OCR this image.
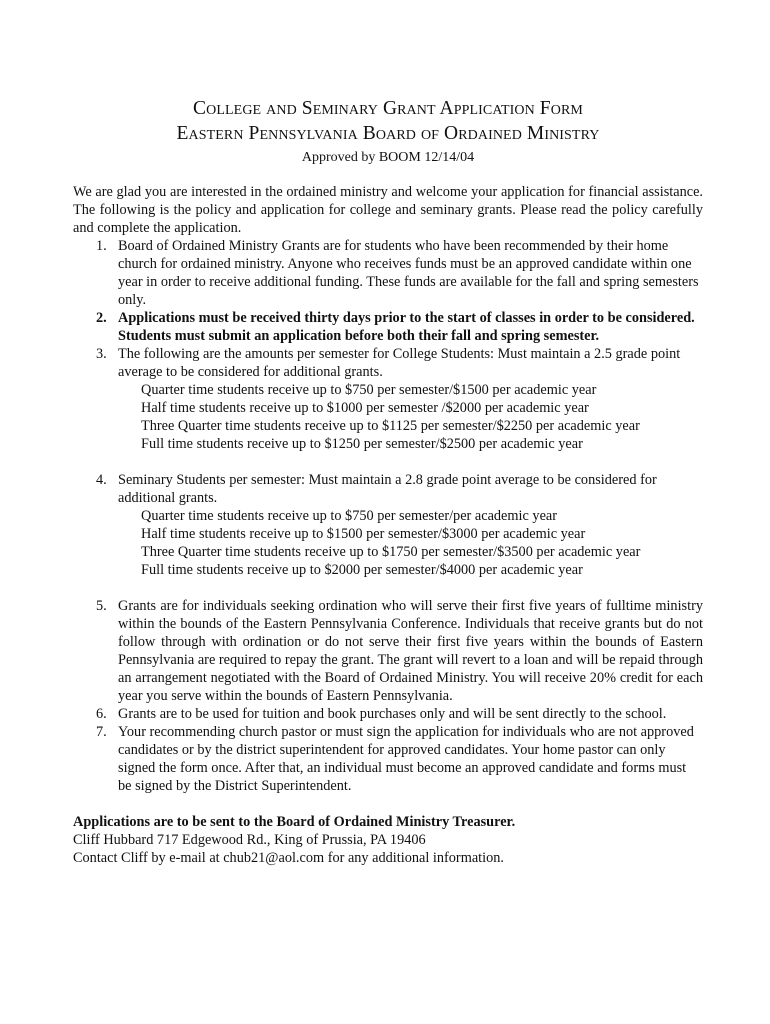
College and Seminary Grant Application Form
Eastern Pennsylvania Board of Ordained Ministry
Approved by BOOM 12/14/04
We are glad you are interested in the ordained ministry and welcome your application for financial assistance. The following is the policy and application for college and seminary grants. Please read the policy carefully and complete the application.
1. Board of Ordained Ministry Grants are for students who have been recommended by their home church for ordained ministry. Anyone who receives funds must be an approved candidate within one year in order to receive additional funding. These funds are available for the fall and spring semesters only.
2. Applications must be received thirty days prior to the start of classes in order to be considered. Students must submit an application before both their fall and spring semester.
3. The following are the amounts per semester for College Students: Must maintain a 2.5 grade point average to be considered for additional grants.
Quarter time students receive up to $750 per semester/$1500 per academic year
Half time students receive up to $1000 per semester /$2000 per academic year
Three Quarter time students receive up to $1125 per semester/$2250 per academic year
Full time students receive up to $1250 per semester/$2500 per academic year
4. Seminary Students per semester: Must maintain a 2.8 grade point average to be considered for additional grants.
Quarter time students receive up to $750 per semester/per academic year
Half time students receive up to $1500 per semester/$3000 per academic year
Three Quarter time students receive up to $1750 per semester/$3500 per academic year
Full time students receive up to $2000 per semester/$4000 per academic year
5. Grants are for individuals seeking ordination who will serve their first five years of fulltime ministry within the bounds of the Eastern Pennsylvania Conference. Individuals that receive grants but do not follow through with ordination or do not serve their first five years within the bounds of Eastern Pennsylvania are required to repay the grant. The grant will revert to a loan and will be repaid through an arrangement negotiated with the Board of Ordained Ministry. You will receive 20% credit for each year you serve within the bounds of Eastern Pennsylvania.
6. Grants are to be used for tuition and book purchases only and will be sent directly to the school.
7. Your recommending church pastor or must sign the application for individuals who are not approved candidates or by the district superintendent for approved candidates. Your home pastor can only signed the form once. After that, an individual must become an approved candidate and forms must be signed by the District Superintendent.
Applications are to be sent to the Board of Ordained Ministry Treasurer.
Cliff Hubbard 717 Edgewood Rd., King of Prussia, PA 19406
Contact Cliff by e-mail at chub21@aol.com for any additional information.
